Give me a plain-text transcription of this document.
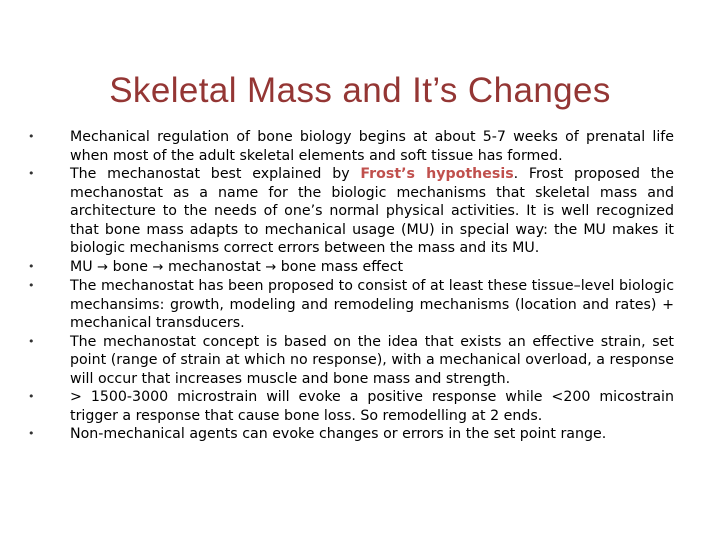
Skeletal Mass and It’s Changes
•	Mechanical regulation of bone biology begins at about 5-7 weeks of prenatal life when most of the adult skeletal elements and soft tissue has formed.
•	The mechanostat best explained by Frost’s hypothesis. Frost proposed the mechanostat as a name for the biologic mechanisms that skeletal mass and architecture to the needs of one’s normal physical activities. It is well recognized that bone mass adapts to mechanical usage (MU) in special way: the MU makes it biologic mechanisms correct errors between the mass and its MU.
•	MU → bone → mechanostat → bone mass effect
•	The mechanostat has been proposed to consist of at least these tissue–level biologic mechansims: growth, modeling and remodeling mechanisms (location and rates) + mechanical transducers.
•	The mechanostat concept is based on the idea that exists an effective strain, set point (range of strain at which no response), with a mechanical overload, a response will occur that increases muscle and bone mass and strength.
•	> 1500-3000 microstrain will evoke a positive response while <200 micostrain trigger a response that cause bone loss. So remodelling at 2 ends.
•	Non-mechanical agents can evoke changes or errors in the set point range.
